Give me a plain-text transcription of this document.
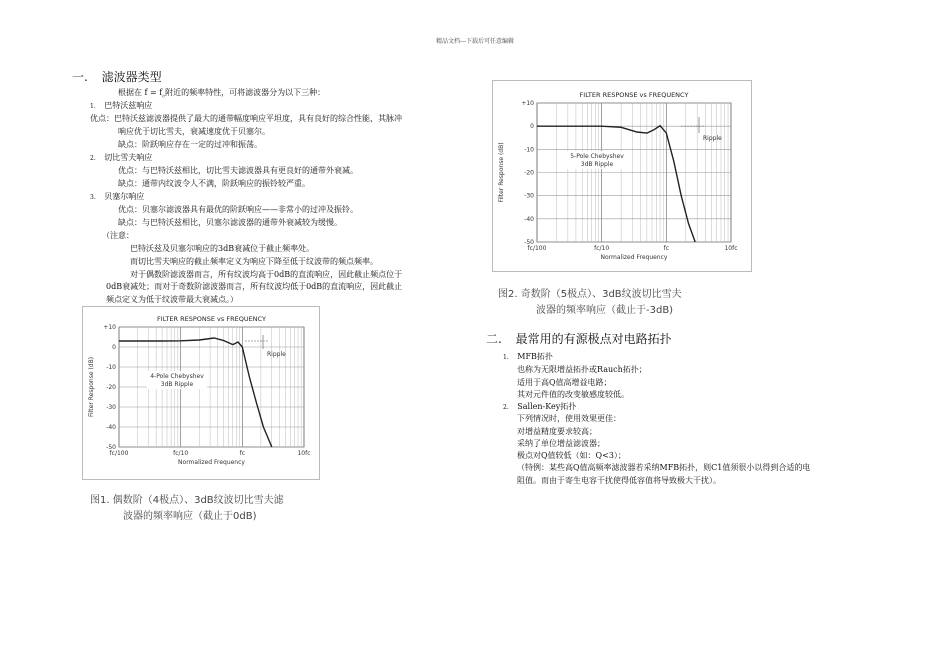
精品文档---下载后可任意编辑
一. 滤波器类型
根据在 $f = f_c$附近的频率特性，可将滤波器分为以下三种：
1. 巴特沃兹响应
优点：巴特沃兹滤波器提供了最大的通带幅度响应平坦度，具有良好的综合性能，其脉冲
响应优于切比雪夫，衰减速度优于贝塞尔。
缺点：阶跃响应存在一定的过冲和振荡。
2. 切比雪夫响应
优点：与巴特沃兹相比，切比雪夫滤波器具有更良好的通带外衰减。
缺点：通带内纹波令人不满，阶跃响应的振铃较严重。
3. 贝塞尔响应
优点：贝塞尔滤波器具有最优的阶跃响应——非常小的过冲及振铃。
缺点：与巴特沃兹相比，贝塞尔滤波器的通带外衰减较为缓慢。
（注意：
巴特沃兹及贝塞尔响应的3dB衰减位于截止频率处。
而切比雪夫响应的截止频率定义为响应下降至低于纹波带的频点频率。
对于偶数阶滤波器而言，所有纹波均高于0dB的直流响应，因此截止频点位于
0dB衰减处；而对于奇数阶滤波器而言，所有纹波均低于0dB的直流响应，因此截止
频点定义为低于纹波带最大衰减点。）
FILTER RESPONSE vs FREQUENCY
fc/100	fc/10	fc	10fc
+10
0
-10
-20
-30
-40
-50
Normalized Frequency
Filter Response (dB)	4-Pole Chebyshev
3dB Ripple
Ripple
图1. 偶数阶（4极点）、3dB纹波切比雪夫滤
波器的频率响应（截止于0dB)
FILTER RESPONSE vs FREQUENCY
fc/100	fc/10	fc	10fc
+10
0
-10
-20
-30
-40
-50
Normalized Frequency
Filter Response (dB)	5-Pole Chebyshev
3dB Ripple
Ripple
图2. 奇数阶（5极点）、3dB纹波切比雪夫
波器的频率响应（截止于-3dB)
二. 最常用的有源极点对电路拓扑
1. MFB拓扑
也称为无限增益拓扑或Rauch拓扑；
适用于高Q值高增益电路；
其对元件值的改变敏感度较低。
2. Sallen-Key拓扑
下列情况时，使用效果更佳：
对增益精度要求较高；
采纳了单位增益滤波器；
极点对Q值较低（如：Q<3）；
（特例：某些高Q值高频率滤波器若采纳MFB拓扑，则C1值须很小以得到合适的电
阻值。而由于寄生电容干扰使得低容值将导致极大干扰）。
